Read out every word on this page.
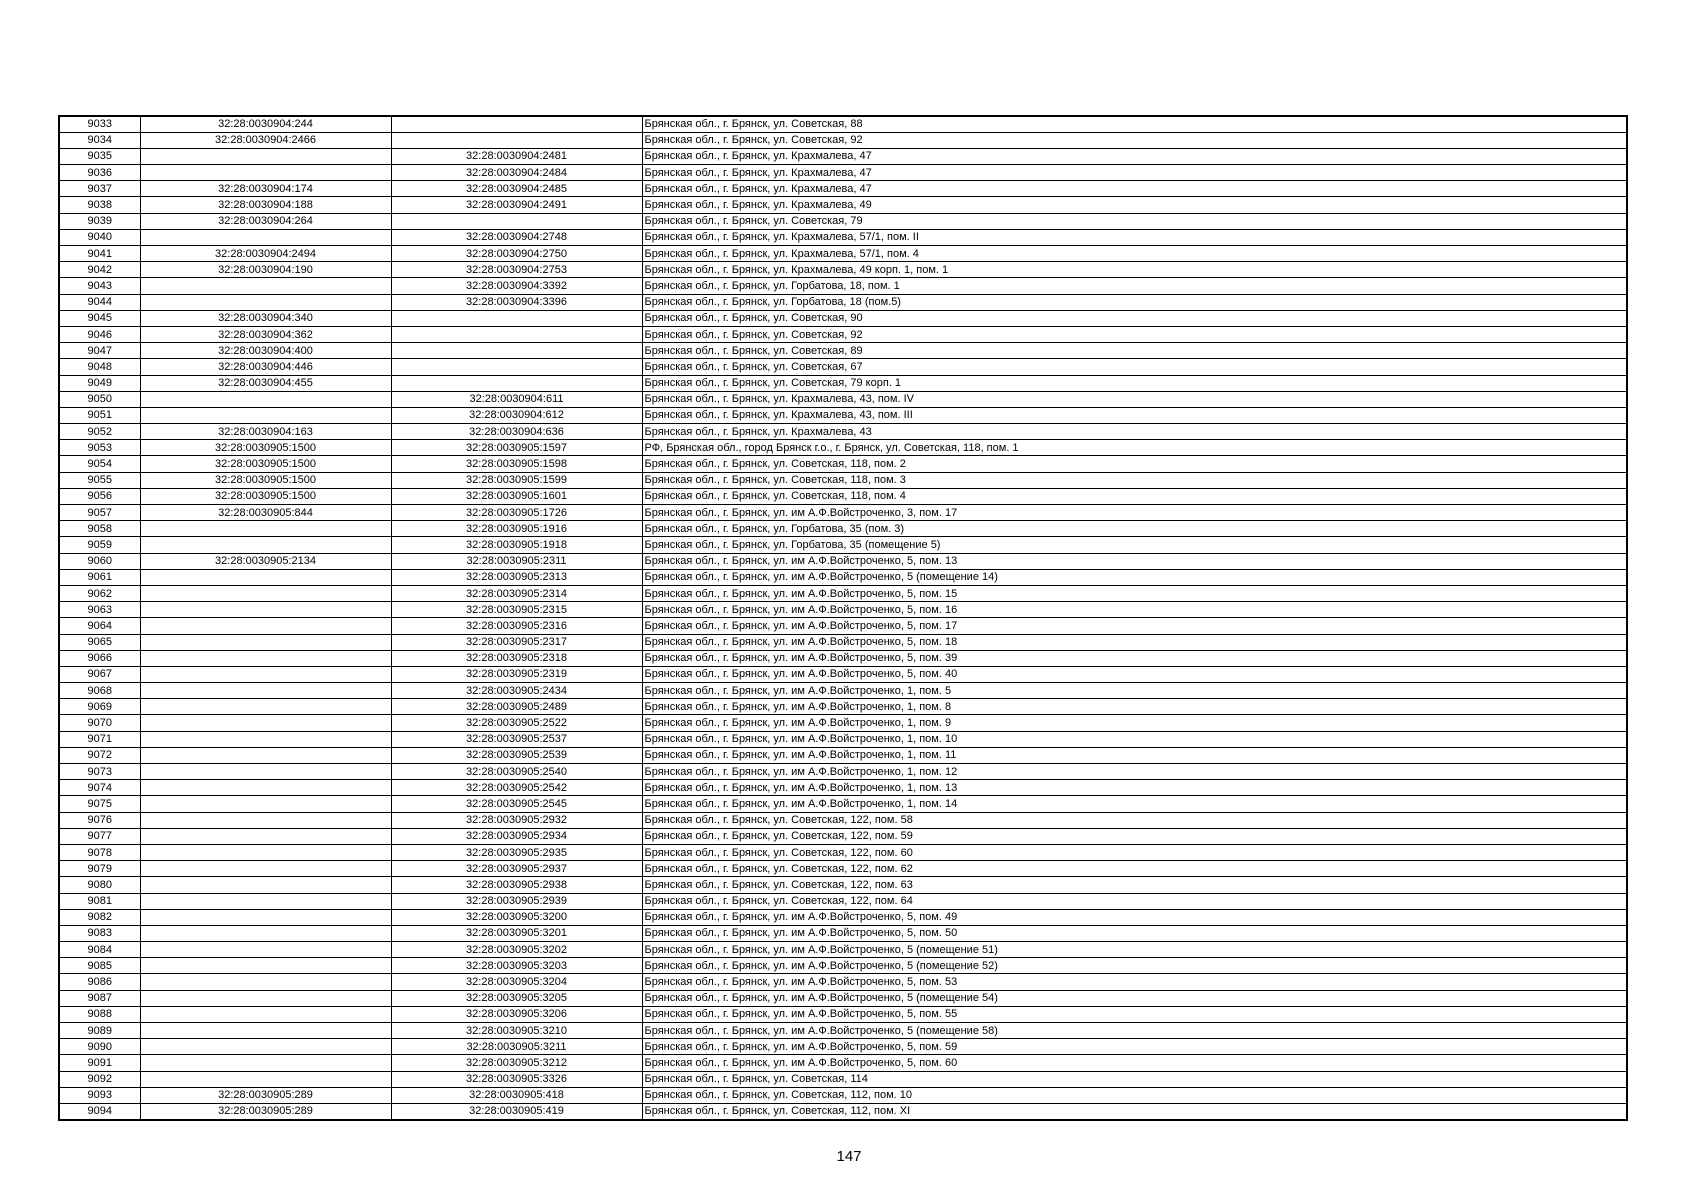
9033	32:28:0030904:244		Брянская обл., г. Брянск, ул. Советская, 88
9034	32:28:0030904:2466		Брянская обл., г. Брянск, ул. Советская, 92
9035		32:28:0030904:2481	Брянская обл., г. Брянск, ул. Крахмалева, 47
9036		32:28:0030904:2484	Брянская обл., г. Брянск, ул. Крахмалева, 47
9037	32:28:0030904:174	32:28:0030904:2485	Брянская обл., г. Брянск, ул. Крахмалева, 47
9038	32:28:0030904:188	32:28:0030904:2491	Брянская обл., г. Брянск, ул. Крахмалева, 49
9039	32:28:0030904:264		Брянская обл., г. Брянск, ул. Советская, 79
9040		32:28:0030904:2748	Брянская обл., г. Брянск, ул. Крахмалева, 57/1, пом. II
9041	32:28:0030904:2494	32:28:0030904:2750	Брянская обл., г. Брянск, ул. Крахмалева, 57/1, пом. 4
9042	32:28:0030904:190	32:28:0030904:2753	Брянская обл., г. Брянск, ул. Крахмалева, 49 корп. 1, пом. 1
9043		32:28:0030904:3392	Брянская обл., г. Брянск, ул. Горбатова, 18, пом. 1
9044		32:28:0030904:3396	Брянская обл., г. Брянск, ул. Горбатова, 18 (пом.5)
9045	32:28:0030904:340		Брянская обл., г. Брянск, ул. Советская, 90
9046	32:28:0030904:362		Брянская обл., г. Брянск, ул. Советская, 92
9047	32:28:0030904:400		Брянская обл., г. Брянск, ул. Советская, 89
9048	32:28:0030904:446		Брянская обл., г. Брянск, ул. Советская, 67
9049	32:28:0030904:455		Брянская обл., г. Брянск, ул. Советская, 79 корп. 1
9050		32:28:0030904:611	Брянская обл., г. Брянск, ул. Крахмалева, 43, пом. IV
9051		32:28:0030904:612	Брянская обл., г. Брянск, ул. Крахмалева, 43, пом. III
9052	32:28:0030904:163	32:28:0030904:636	Брянская обл., г. Брянск, ул. Крахмалева, 43
9053	32:28:0030905:1500	32:28:0030905:1597	РФ, Брянская обл., город Брянск г.о., г. Брянск, ул. Советская, 118, пом. 1
9054	32:28:0030905:1500	32:28:0030905:1598	Брянская обл., г. Брянск, ул. Советская, 118, пом. 2
9055	32:28:0030905:1500	32:28:0030905:1599	Брянская обл., г. Брянск, ул. Советская, 118, пом. 3
9056	32:28:0030905:1500	32:28:0030905:1601	Брянская обл., г. Брянск, ул. Советская, 118, пом. 4
9057	32:28:0030905:844	32:28:0030905:1726	Брянская обл., г. Брянск, ул. им А.Ф.Войстроченко, 3, пом. 17
9058		32:28:0030905:1916	Брянская обл., г. Брянск, ул. Горбатова, 35 (пом. 3)
9059		32:28:0030905:1918	Брянская обл., г. Брянск, ул. Горбатова, 35 (помещение 5)
9060	32:28:0030905:2134	32:28:0030905:2311	Брянская обл., г. Брянск, ул. им А.Ф.Войстроченко, 5, пом. 13
9061		32:28:0030905:2313	Брянская обл., г. Брянск, ул. им А.Ф.Войстроченко, 5 (помещение 14)
9062		32:28:0030905:2314	Брянская обл., г. Брянск, ул. им А.Ф.Войстроченко, 5, пом. 15
9063		32:28:0030905:2315	Брянская обл., г. Брянск, ул. им А.Ф.Войстроченко, 5, пом. 16
9064		32:28:0030905:2316	Брянская обл., г. Брянск, ул. им А.Ф.Войстроченко, 5, пом. 17
9065		32:28:0030905:2317	Брянская обл., г. Брянск, ул. им А.Ф.Войстроченко, 5, пом. 18
9066		32:28:0030905:2318	Брянская обл., г. Брянск, ул. им А.Ф.Войстроченко, 5, пом. 39
9067		32:28:0030905:2319	Брянская обл., г. Брянск, ул. им А.Ф.Войстроченко, 5, пом. 40
9068		32:28:0030905:2434	Брянская обл., г. Брянск, ул. им А.Ф.Войстроченко, 1, пом. 5
9069		32:28:0030905:2489	Брянская обл., г. Брянск, ул. им А.Ф.Войстроченко, 1, пом. 8
9070		32:28:0030905:2522	Брянская обл., г. Брянск, ул. им А.Ф.Войстроченко, 1, пом. 9
9071		32:28:0030905:2537	Брянская обл., г. Брянск, ул. им А.Ф.Войстроченко, 1, пом. 10
9072		32:28:0030905:2539	Брянская обл., г. Брянск, ул. им А.Ф.Войстроченко, 1, пом. 11
9073		32:28:0030905:2540	Брянская обл., г. Брянск, ул. им А.Ф.Войстроченко, 1, пом. 12
9074		32:28:0030905:2542	Брянская обл., г. Брянск, ул. им А.Ф.Войстроченко, 1, пом. 13
9075		32:28:0030905:2545	Брянская обл., г. Брянск, ул. им А.Ф.Войстроченко, 1, пом. 14
9076		32:28:0030905:2932	Брянская обл., г. Брянск, ул. Советская, 122, пом. 58
9077		32:28:0030905:2934	Брянская обл., г. Брянск, ул. Советская, 122, пом. 59
9078		32:28:0030905:2935	Брянская обл., г. Брянск, ул. Советская, 122, пом. 60
9079		32:28:0030905:2937	Брянская обл., г. Брянск, ул. Советская, 122, пом. 62
9080		32:28:0030905:2938	Брянская обл., г. Брянск, ул. Советская, 122, пом. 63
9081		32:28:0030905:2939	Брянская обл., г. Брянск, ул. Советская, 122, пом. 64
9082		32:28:0030905:3200	Брянская обл., г. Брянск, ул. им А.Ф.Войстроченко, 5, пом. 49
9083		32:28:0030905:3201	Брянская обл., г. Брянск, ул. им А.Ф.Войстроченко, 5, пом. 50
9084		32:28:0030905:3202	Брянская обл., г. Брянск, ул. им А.Ф.Войстроченко, 5 (помещение 51)
9085		32:28:0030905:3203	Брянская обл., г. Брянск, ул. им А.Ф.Войстроченко, 5 (помещение 52)
9086		32:28:0030905:3204	Брянская обл., г. Брянск, ул. им А.Ф.Войстроченко, 5, пом. 53
9087		32:28:0030905:3205	Брянская обл., г. Брянск, ул. им А.Ф.Войстроченко, 5 (помещение 54)
9088		32:28:0030905:3206	Брянская обл., г. Брянск, ул. им А.Ф.Войстроченко, 5, пом. 55
9089		32:28:0030905:3210	Брянская обл., г. Брянск, ул. им А.Ф.Войстроченко, 5 (помещение 58)
9090		32:28:0030905:3211	Брянская обл., г. Брянск, ул. им А.Ф.Войстроченко, 5, пом. 59
9091		32:28:0030905:3212	Брянская обл., г. Брянск, ул. им А.Ф.Войстроченко, 5, пом. 60
9092		32:28:0030905:3326	Брянская обл., г. Брянск, ул. Советская, 114
9093	32:28:0030905:289	32:28:0030905:418	Брянская обл., г. Брянск, ул. Советская, 112, пом. 10
9094	32:28:0030905:289	32:28:0030905:419	Брянская обл., г. Брянск, ул. Советская, 112, пом. XI
147
